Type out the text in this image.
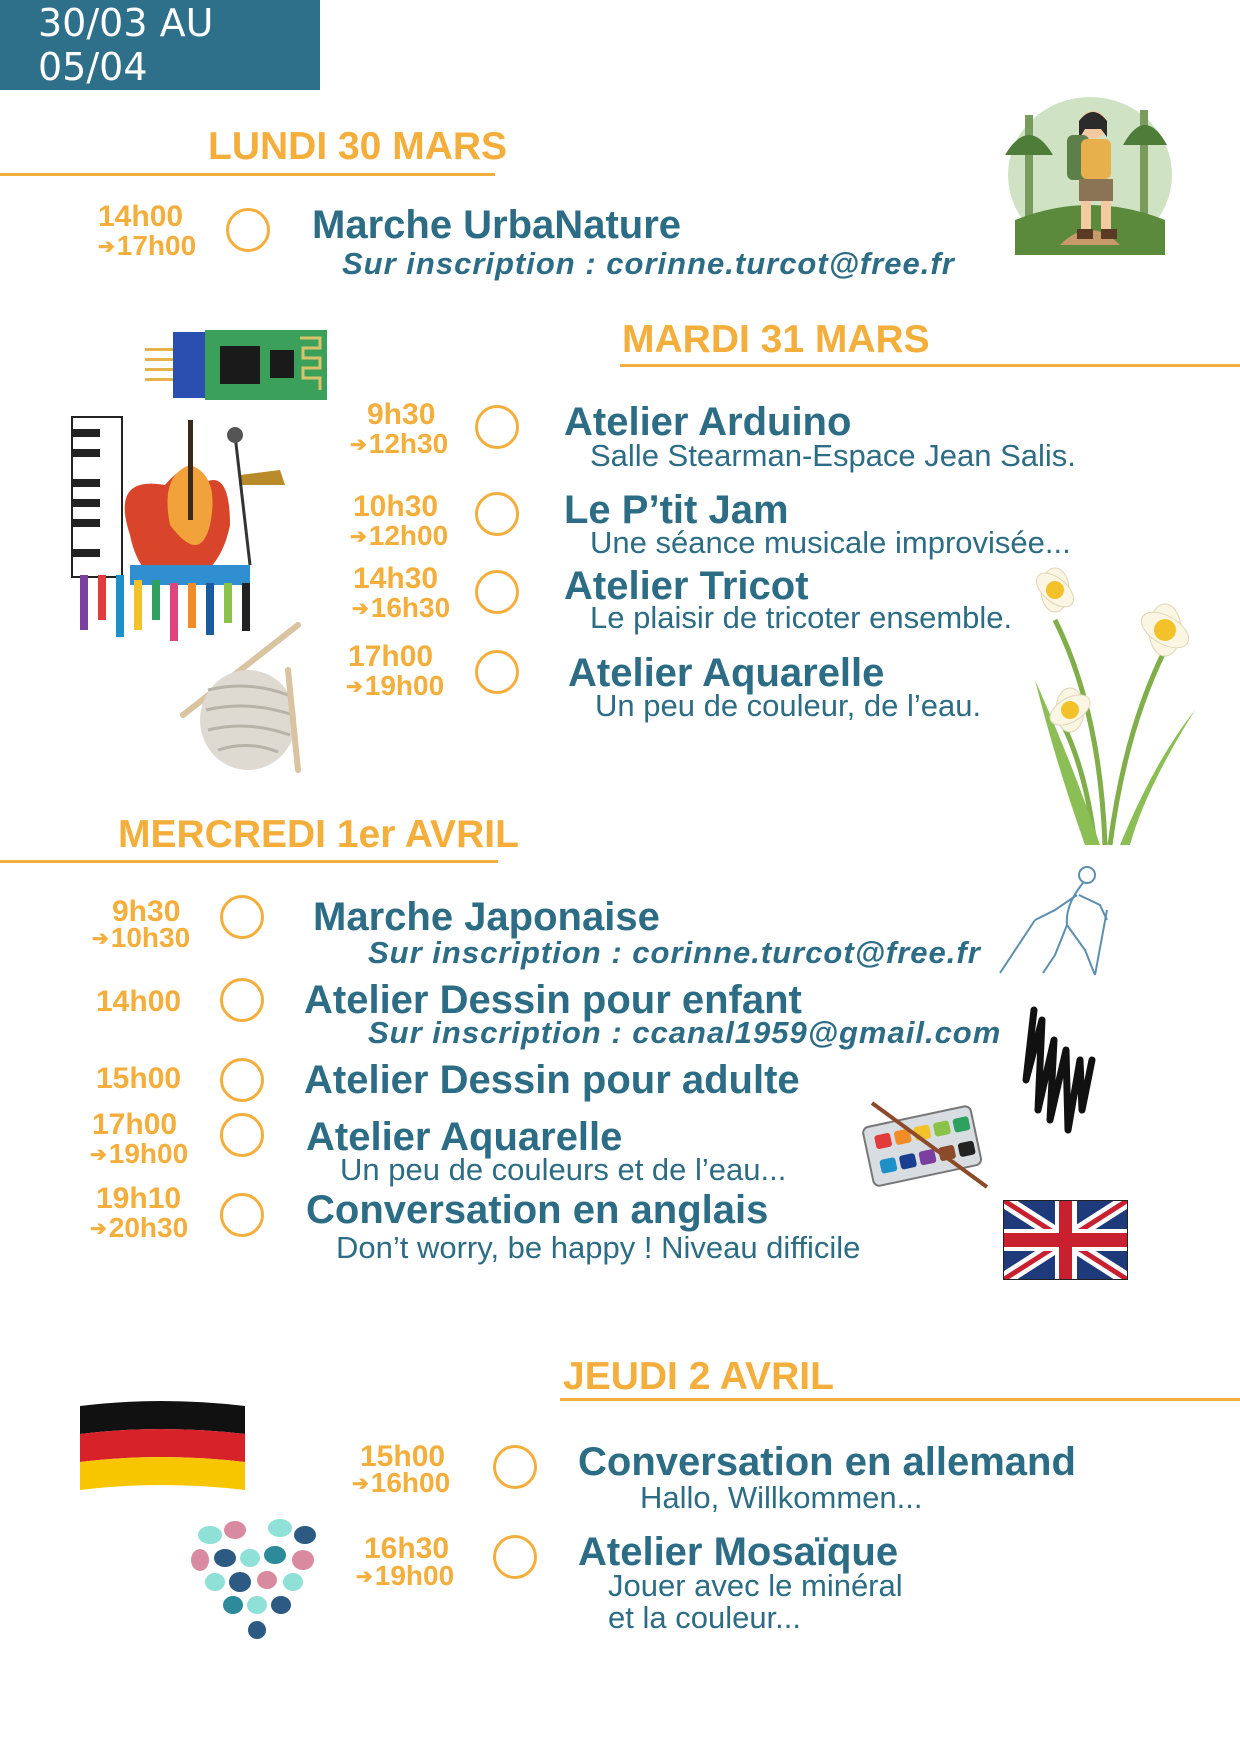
30/03 AU 05/04
LUNDI 30 MARS
14h00
➔ 17h00	Marche UrbaNature
Sur inscription : corinne.turcot@free.fr
MARDI 31 MARS
9h30
➔ 12h30	Atelier Arduino
Salle Stearman-Espace Jean Salis.
10h30
➔ 12h00
Le P’tit Jam
Une séance musicale improvisée...
14h30
➔ 16h30	Atelier Tricot
Le plaisir de tricoter ensemble.
17h00
➔ 19h00	Atelier Aquarelle
Un peu de couleur, de l’eau.
MERCREDI 1er AVRIL
9h30
➔ 10h30	Marche Japonaise
Sur inscription : corinne.turcot@free.fr
14h00	Atelier Dessin pour enfant
Sur inscription : ccanal1959@gmail.com
15h00	Atelier Dessin pour adulte
17h00
➔ 19h00	Atelier Aquarelle
Un peu de couleurs et de l’eau...
19h10
➔ 20h30	Conversation en anglais
Don’t worry, be happy ! Niveau difficile
JEUDI 2 AVRIL
15h00
➔ 16h00	Conversation en allemand
Hallo, Willkommen...
16h30
➔ 19h00
Atelier Mosaïque
Jouer avec le minéral
et la couleur...
